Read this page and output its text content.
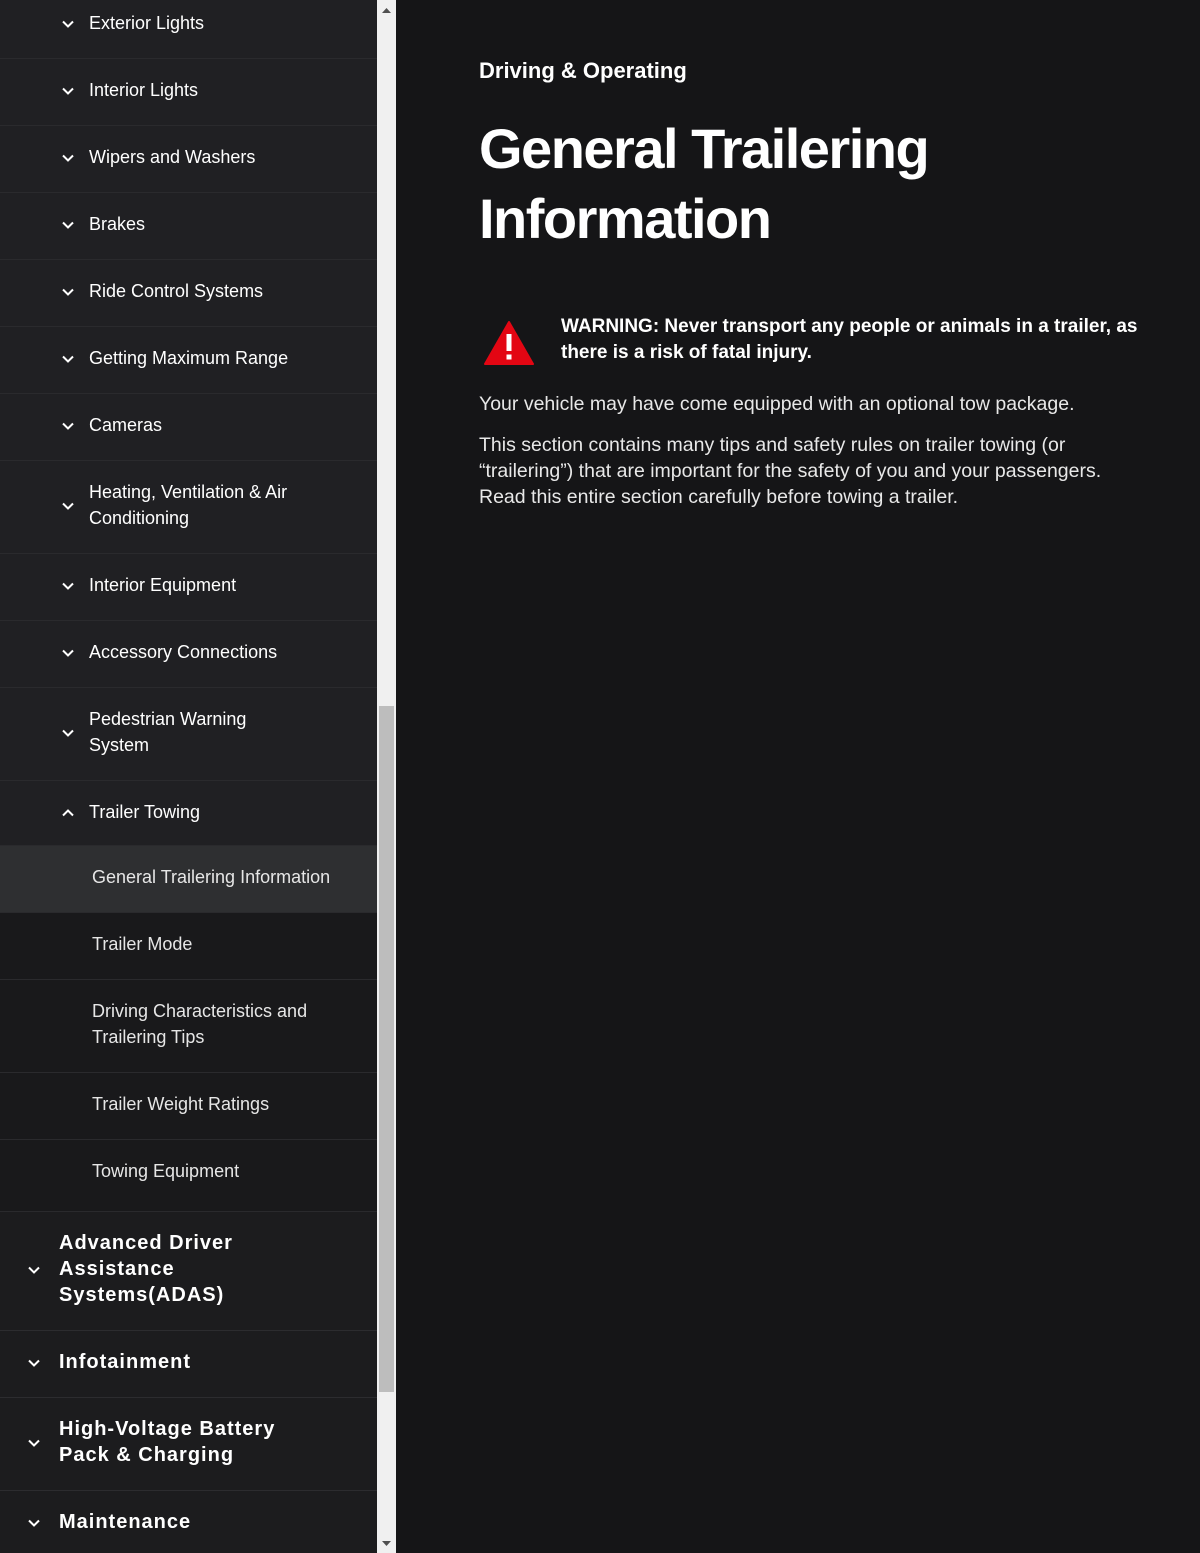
Exterior Lights
Interior Lights
Wipers and Washers
Brakes
Ride Control Systems
Getting Maximum Range
Cameras
Heating, Ventilation & Air Conditioning
Interior Equipment
Accessory Connections
Pedestrian Warning System
Trailer Towing
General Trailering Information
Trailer Mode
Driving Characteristics and Trailering Tips
Trailer Weight Ratings
Towing Equipment
Advanced Driver Assistance Systems(ADAS)
Infotainment
High-Voltage Battery Pack & Charging
Maintenance
Driving & Operating
General Trailering Information
WARNING: Never transport any people or animals in a trailer, as there is a risk of fatal injury.

Your vehicle may have come equipped with an optional tow package.

This section contains many tips and safety rules on trailer towing (or “trailering”) that are important for the safety of you and your passengers. Read this entire section carefully before towing a trailer.
